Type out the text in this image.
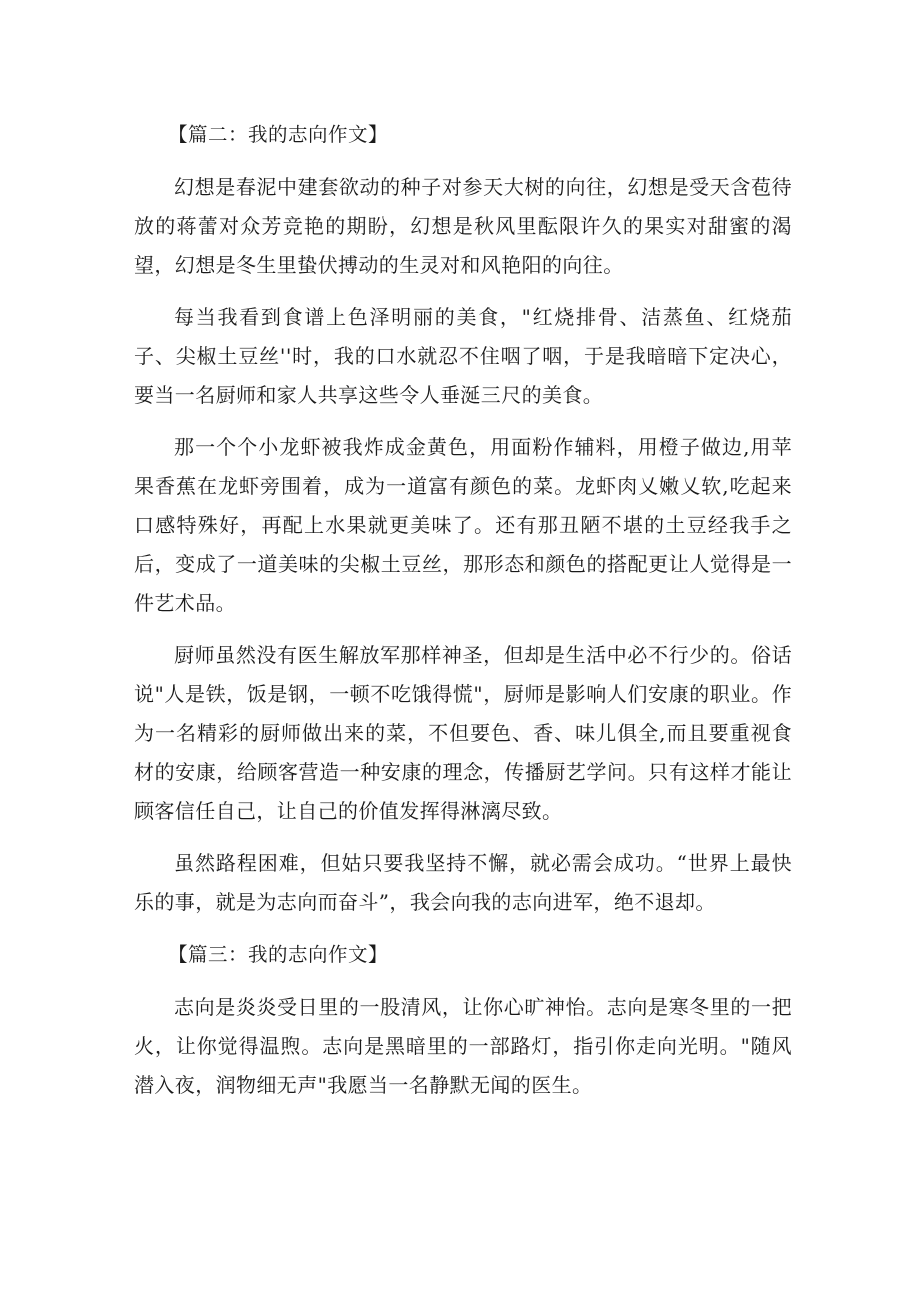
【篇二：我的志向作文】

幻想是春泥中建套欲动的种子对参天大树的向往，幻想是受天含苞待放的蒋蕾对众芳竞艳的期盼，幻想是秋风里酝限许久的果实对甜蜜的渴望，幻想是冬生里蛰伏搏动的生灵对和风艳阳的向往。

每当我看到食谱上色泽明丽的美食，"红烧排骨、洁蒸鱼、红烧茄子、尖椒土豆丝''时，我的口水就忍不住咽了咽，于是我暗暗下定决心，要当一名厨师和家人共享这些令人垂涎三尺的美食。

那一个个小龙虾被我炸成金黄色，用面粉作辅料，用橙子做边,用苹果香蕉在龙虾旁围着，成为一道富有颜色的菜。龙虾肉乂嫩乂软,吃起来口感特殊好，再配上水果就更美味了。还有那丑陋不堪的土豆经我手之后，变成了一道美味的尖椒土豆丝，那形态和颜色的搭配更让人觉得是一件艺术品。

厨师虽然没有医生解放军那样神圣，但却是生活中必不行少的。俗话说"人是铁，饭是钢，一顿不吃饿得慌"，厨师是影响人们安康的职业。作为一名精彩的厨师做出来的菜，不但要色、香、味儿俱全,而且要重视食材的安康，给顾客营造一种安康的理念，传播厨艺学问。只有这样才能让顾客信任自己，让自己的价值发挥得淋漓尽致。

虽然路程困难，但姑只要我坚持不懈，就必需会成功。“世界上最快乐的事，就是为志向而奋斗”，我会向我的志向进军，绝不退却。

【篇三：我的志向作文】

志向是炎炎受日里的一股清风，让你心旷神怡。志向是寒冬里的一把火，让你觉得温煦。志向是黑暗里的一部路灯，指引你走向光明。"随风潜入夜，润物细无声"我愿当一名静默无闻的医生。
